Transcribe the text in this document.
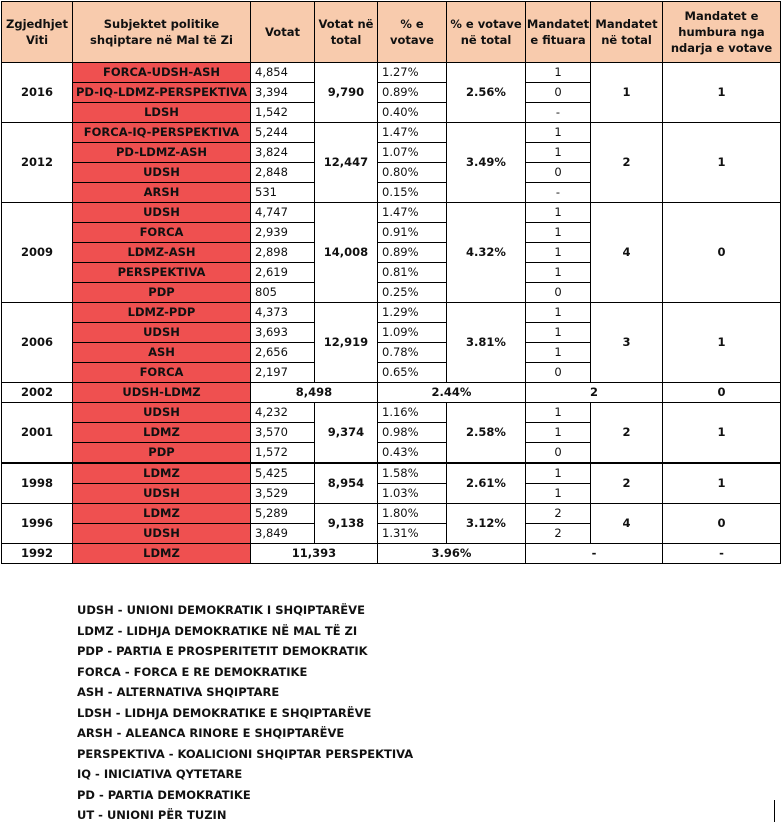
Zgjedhjet Viti	Subjektet politike shqiptare në Mal të Zi	Votat	Votat në total	% e votave	% e votave në total	Mandatet e fituara	Mandatet në total	Mandatet e humbura nga ndarja e votave
2016	FORCA-UDSH-ASH	4,854	9,790	1.27%	2.56%	1	1	1
	PD-IQ-LDMZ-PERSPEKTIVA	3,394		0.89%		0		
	LDSH	1,542		0.40%		-		
2012	FORCA-IQ-PERSPEKTIVA	5,244	12,447	1.47%	3.49%	1	2	1
	PD-LDMZ-ASH	3,824		1.07%		1		
	UDSH	2,848		0.80%		0		
	ARSH	531		0.15%		-		
2009	UDSH	4,747	14,008	1.47%	4.32%	1	4	0
	FORCA	2,939		0.91%		1		
	LDMZ-ASH	2,898		0.89%		1		
	PERSPEKTIVA	2,619		0.81%		1		
	PDP	805		0.25%		0		
2006	LDMZ-PDP	4,373	12,919	1.29%	3.81%	1	3	1
	UDSH	3,693		1.09%		1		
	ASH	2,656		0.78%		1		
	FORCA	2,197		0.65%		0		
2002	UDSH-LDMZ	8,498		2.44%		2		0
2001	UDSH	4,232	9,374	1.16%	2.58%	1	2	1
	LDMZ	3,570		0.98%		1		
	PDP	1,572		0.43%		0		
1998	LDMZ	5,425	8,954	1.58%	2.61%	1	2	1
	UDSH	3,529		1.03%		1		
1996	LDMZ	5,289	9,138	1.80%	3.12%	2	4	0
	UDSH	3,849		1.31%		2		
1992	LDMZ	11,393		3.96%		-		-
UDSH - UNIONI DEMOKRATIK I SHQIPTARËVE
LDMZ - LIDHJA DEMOKRATIKE NË MAL TË ZI
PDP - PARTIA E PROSPERITETIT DEMOKRATIK
FORCA - FORCA E RE DEMOKRATIKE
ASH - ALTERNATIVA SHQIPTARE
LDSH - LIDHJA DEMOKRATIKE E SHQIPTARËVE
ARSH - ALEANCA RINORE E SHQIPTARËVE
PERSPEKTIVA - KOALICIONI SHQIPTAR PERSPEKTIVA
IQ - INICIATIVA QYTETARE
PD - PARTIA DEMOKRATIKE
UT - UNIONI PËR TUZIN
